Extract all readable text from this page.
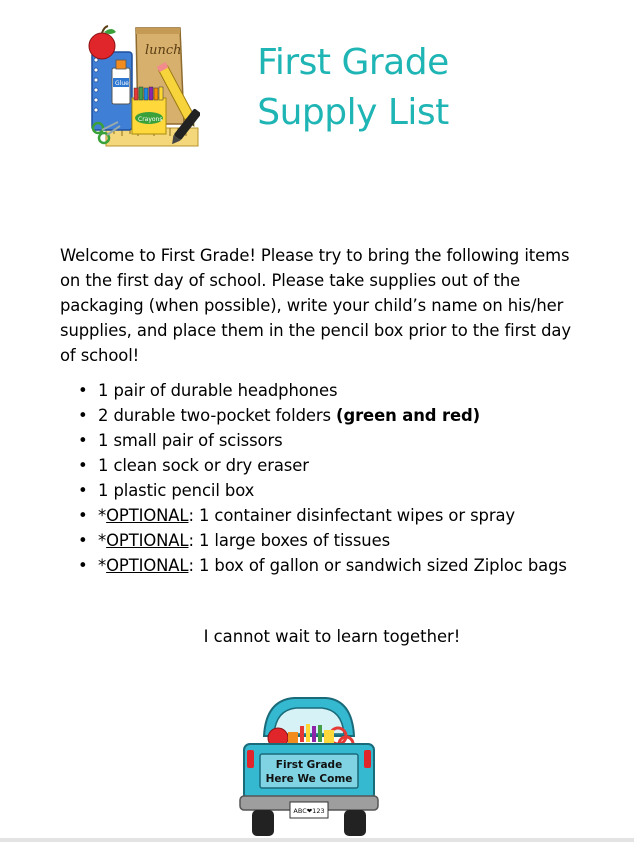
lunch
Glue
Crayons
First Grade
Supply List

Welcome to First Grade! Please try to bring the following items on the first day of school. Please take supplies out of the packaging (when possible), write your child’s name on his/her supplies, and place them in the pencil box prior to the first day of school!

• 1 pair of durable headphones
• 2 durable two-pocket folders (green and red)
• 1 small pair of scissors
• 1 clean sock or dry eraser
• 1 plastic pencil box
• *OPTIONAL: 1 container disinfectant wipes or spray
• *OPTIONAL: 1 large boxes of tissues
• *OPTIONAL: 1 box of gallon or sandwich sized Ziploc bags
I cannot wait to learn together!
First Grade
Here We Come
ABC❤123
